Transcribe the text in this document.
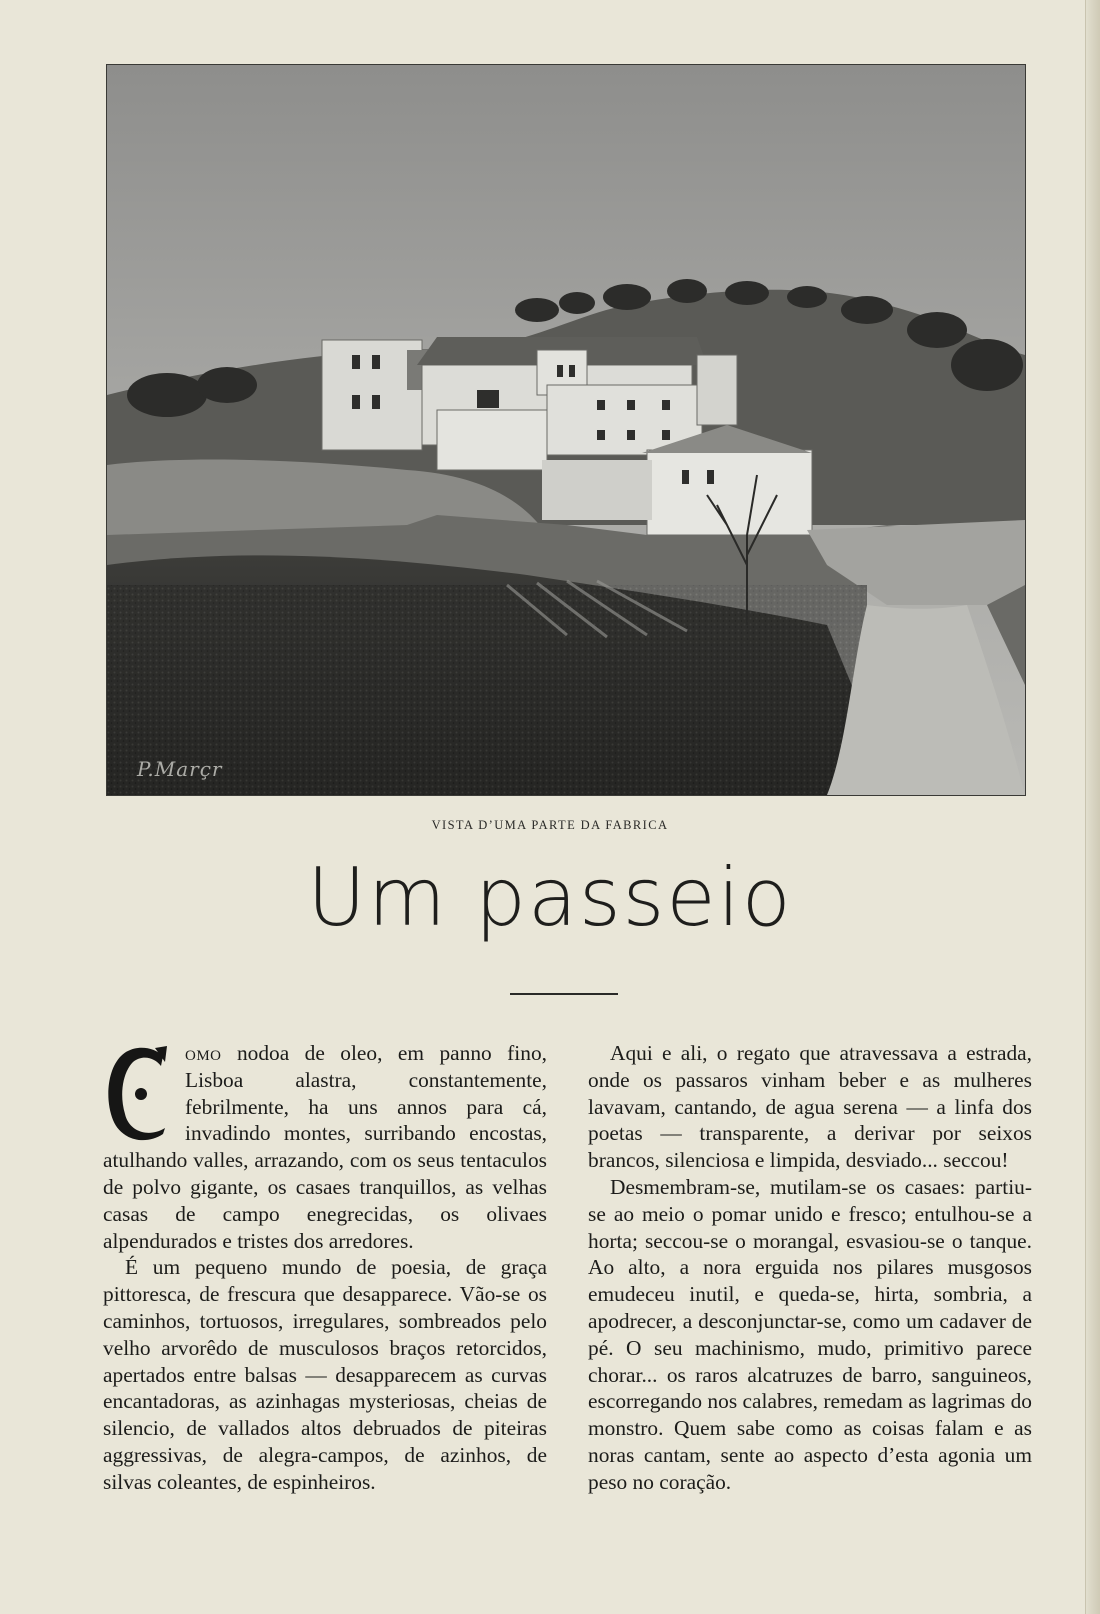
P.Marçr
VISTA D’UMA PARTE DA FABRICA
Um passeio

omo nodoa de oleo, em panno fino, Lisboa alastra, constantemente, febrilmente, ha uns annos para cá, invadindo montes, surribando encostas, atulhando valles, arrazando, com os seus tentaculos de polvo gigante, os casaes tranquillos, as velhas casas de campo enegrecidas, os olivaes alpendurados e tristes dos arredores.

É um pequeno mundo de poesia, de graça pittoresca, de frescura que desapparece. Vão-se os caminhos, tortuosos, irregulares, sombreados pelo velho arvorêdo de musculosos braços retorcidos, apertados entre balsas — desapparecem as curvas encantadoras, as azinhagas mysteriosas, cheias de silencio, de vallados altos debruados de piteiras aggressivas, de alegra-campos, de azinhos, de silvas coleantes, de espinheiros.

Aqui e ali, o regato que atravessava a estrada, onde os passaros vinham beber e as mulheres lavavam, cantando, de agua serena — a linfa dos poetas — transparente, a derivar por seixos brancos, silenciosa e limpida, desviado... seccou!

Desmembram-se, mutilam-se os casaes: partiu-se ao meio o pomar unido e fresco; entulhou-se a horta; seccou-se o morangal, esvasiou-se o tanque. Ao alto, a nora erguida nos pilares musgosos emudeceu inutil, e queda-se, hirta, sombria, a apodrecer, a desconjunctar-se, como um cadaver de pé. O seu machinismo, mudo, primitivo parece chorar... os raros alcatruzes de barro, sanguineos, escorregando nos calabres, remedam as lagrimas do monstro. Quem sabe como as coisas falam e as noras cantam, sente ao aspecto d’esta agonia um peso no coração.
